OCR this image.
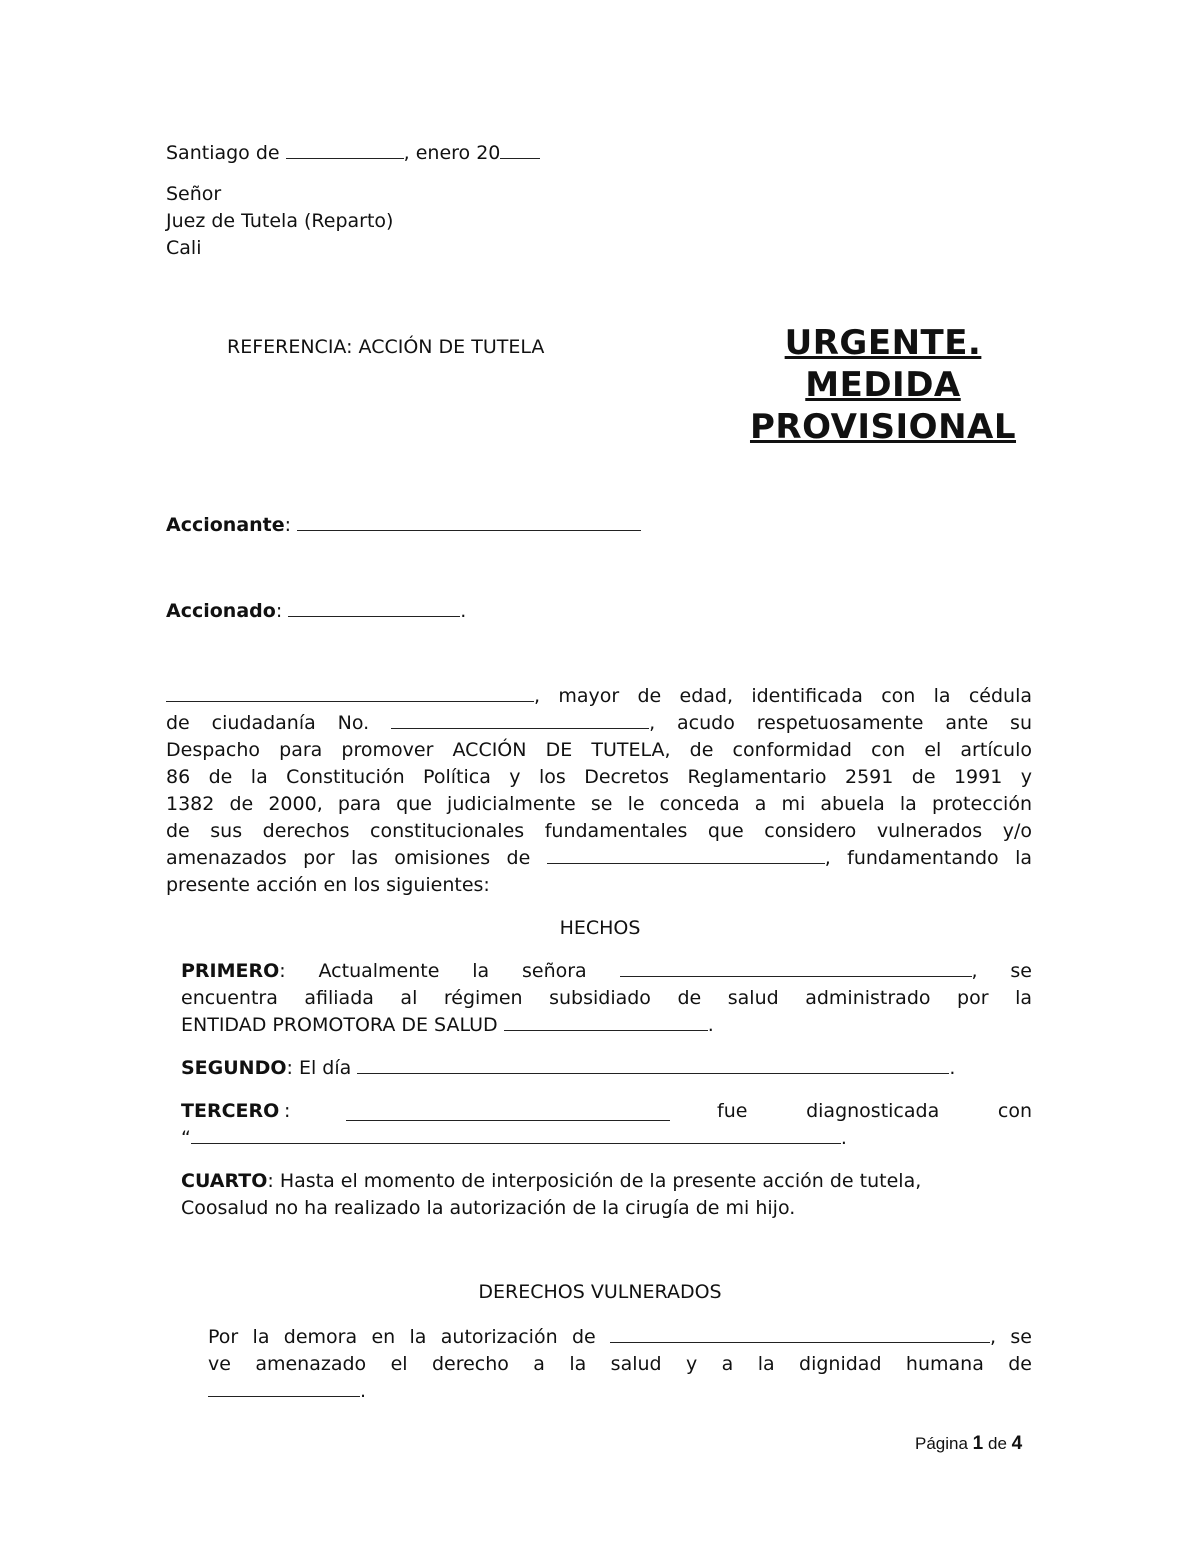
Santiago de	, enero 20
Señor
Juez de Tutela (Reparto)
Cali
REFERENCIA: ACCIÓN DE TUTELA	URGENTE.
MEDIDA
PROVISIONAL
Accionante:
Accionado:	.
, mayor de edad, identificada con la cédula
de ciudadanía No.	, acudo respetuosamente ante su
Despacho para promover ACCIÓN DE TUTELA, de conformidad con el artículo
86 de la Constitución Política y los Decretos Reglamentario 2591 de 1991 y
1382 de 2000, para que judicialmente se le conceda a mi abuela la protección
de sus derechos constitucionales fundamentales que considero vulnerados y/o
amenazados por las omisiones de	, fundamentando la
presente acción en los siguientes:
HECHOS
PRIMERO: Actualmente la señora	, se
encuentra afiliada al régimen subsidiado de salud administrado por la
ENTIDAD PROMOTORA DE SALUD	.
SEGUNDO: El día	.
TERCERO :	fue diagnosticada con
“	.
CUARTO: Hasta el momento de interposición de la presente acción de tutela,
Coosalud no ha realizado la autorización de la cirugía de mi hijo.
DERECHOS VULNERADOS
Por la demora en la autorización de	, se
ve amenazado el derecho a la salud y a la dignidad humana de
.
Página 1 de 4
